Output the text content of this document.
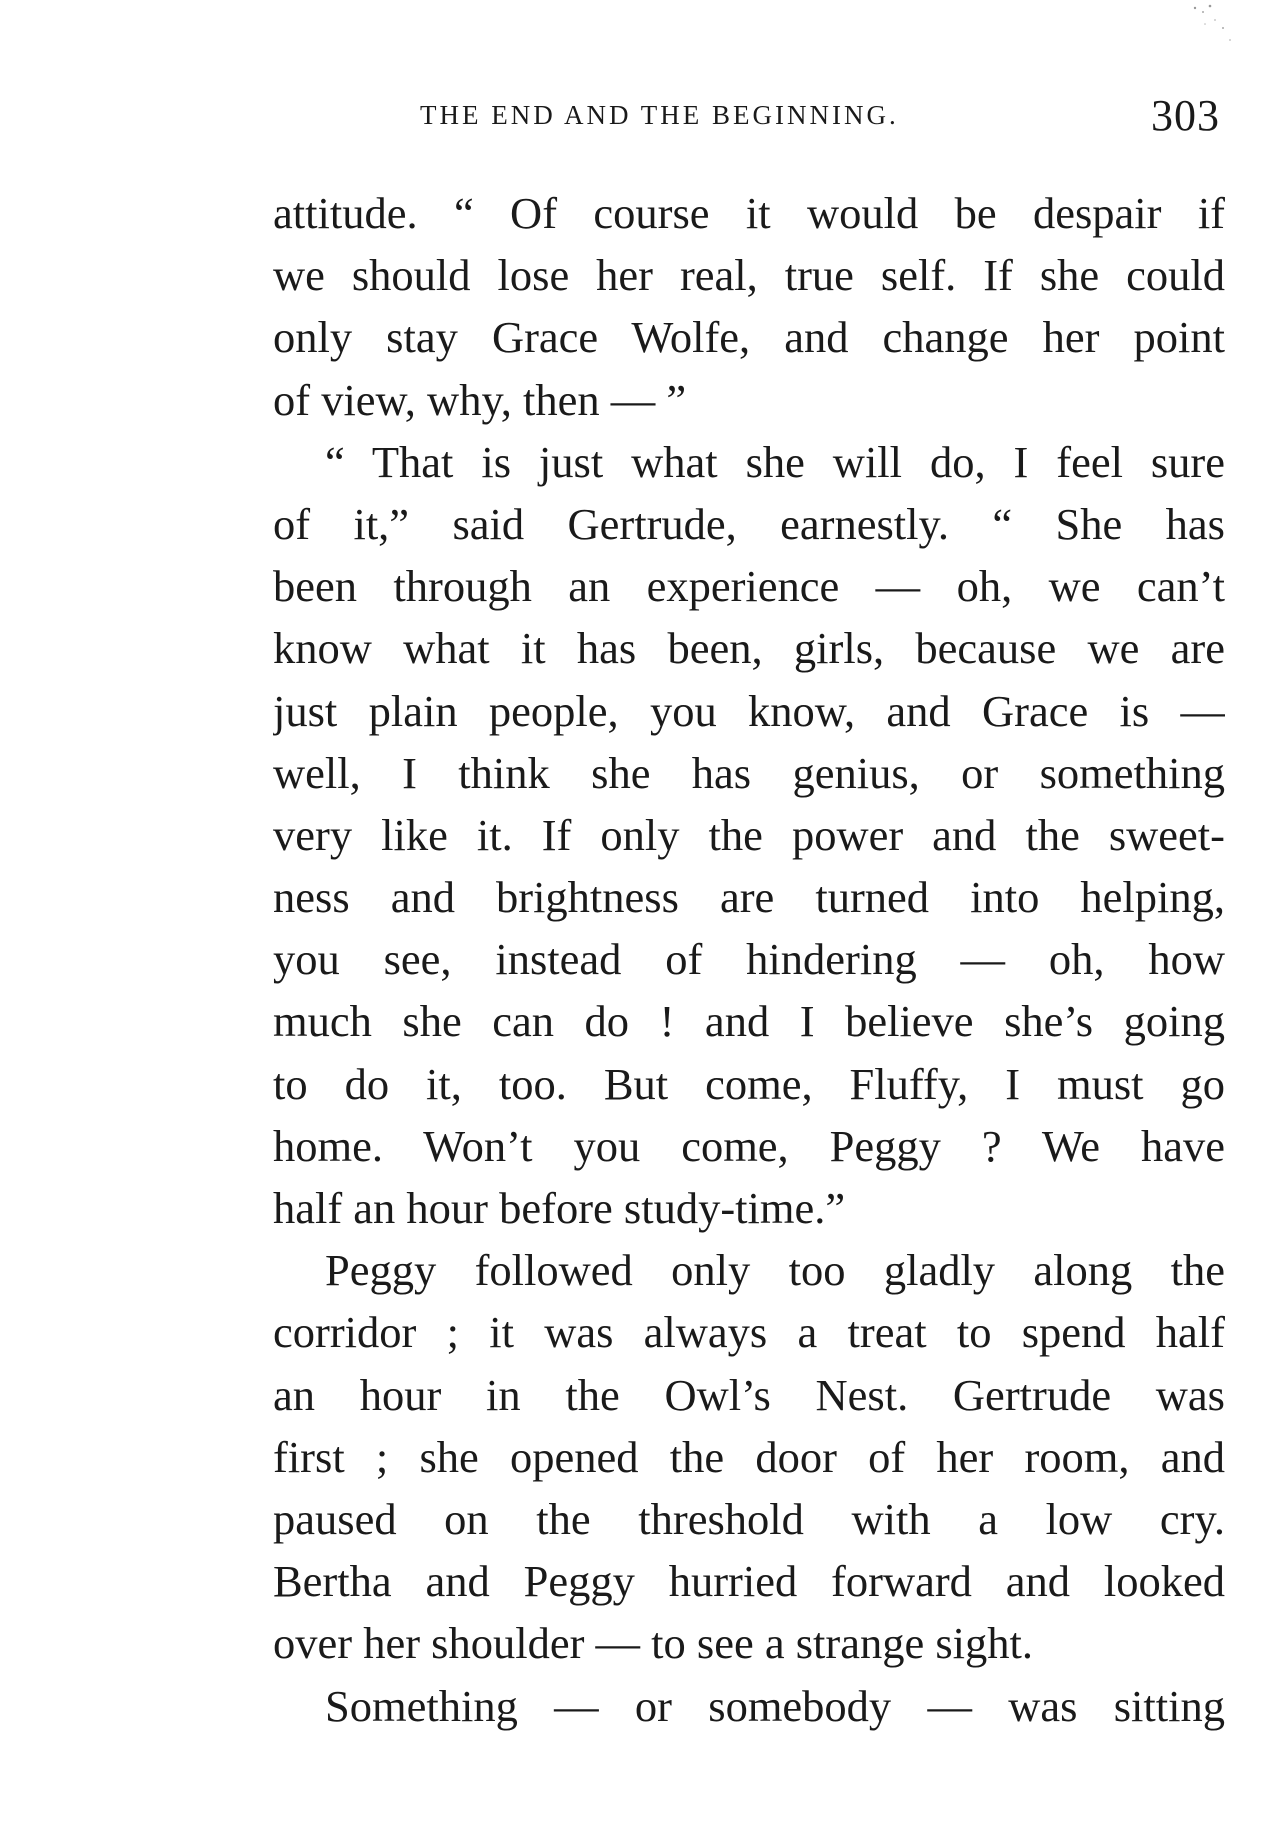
THE END AND THE BEGINNING.	303
attitude. “ Of course it would be despair if
we should lose her real, true self. If she could
only stay Grace Wolfe, and change her point
of view, why, then — ”
“ That is just what she will do, I feel sure
of it,” said Gertrude, earnestly. “ She has
been through an experience — oh, we can’t
know what it has been, girls, because we are
just plain people, you know, and Grace is —
well, I think she has genius, or something
very like it. If only the power and the sweet-
ness and brightness are turned into helping,
you see, instead of hindering — oh, how
much she can do ! and I believe she’s going
to do it, too. But come, Fluffy, I must go
home. Won’t you come, Peggy ? We have
half an hour before study-time.”
Peggy followed only too gladly along the
corridor ; it was always a treat to spend half
an hour in the Owl’s Nest. Gertrude was
first ; she opened the door of her room, and
paused on the threshold with a low cry.
Bertha and Peggy hurried forward and looked
over her shoulder — to see a strange sight.
Something — or somebody — was sitting
